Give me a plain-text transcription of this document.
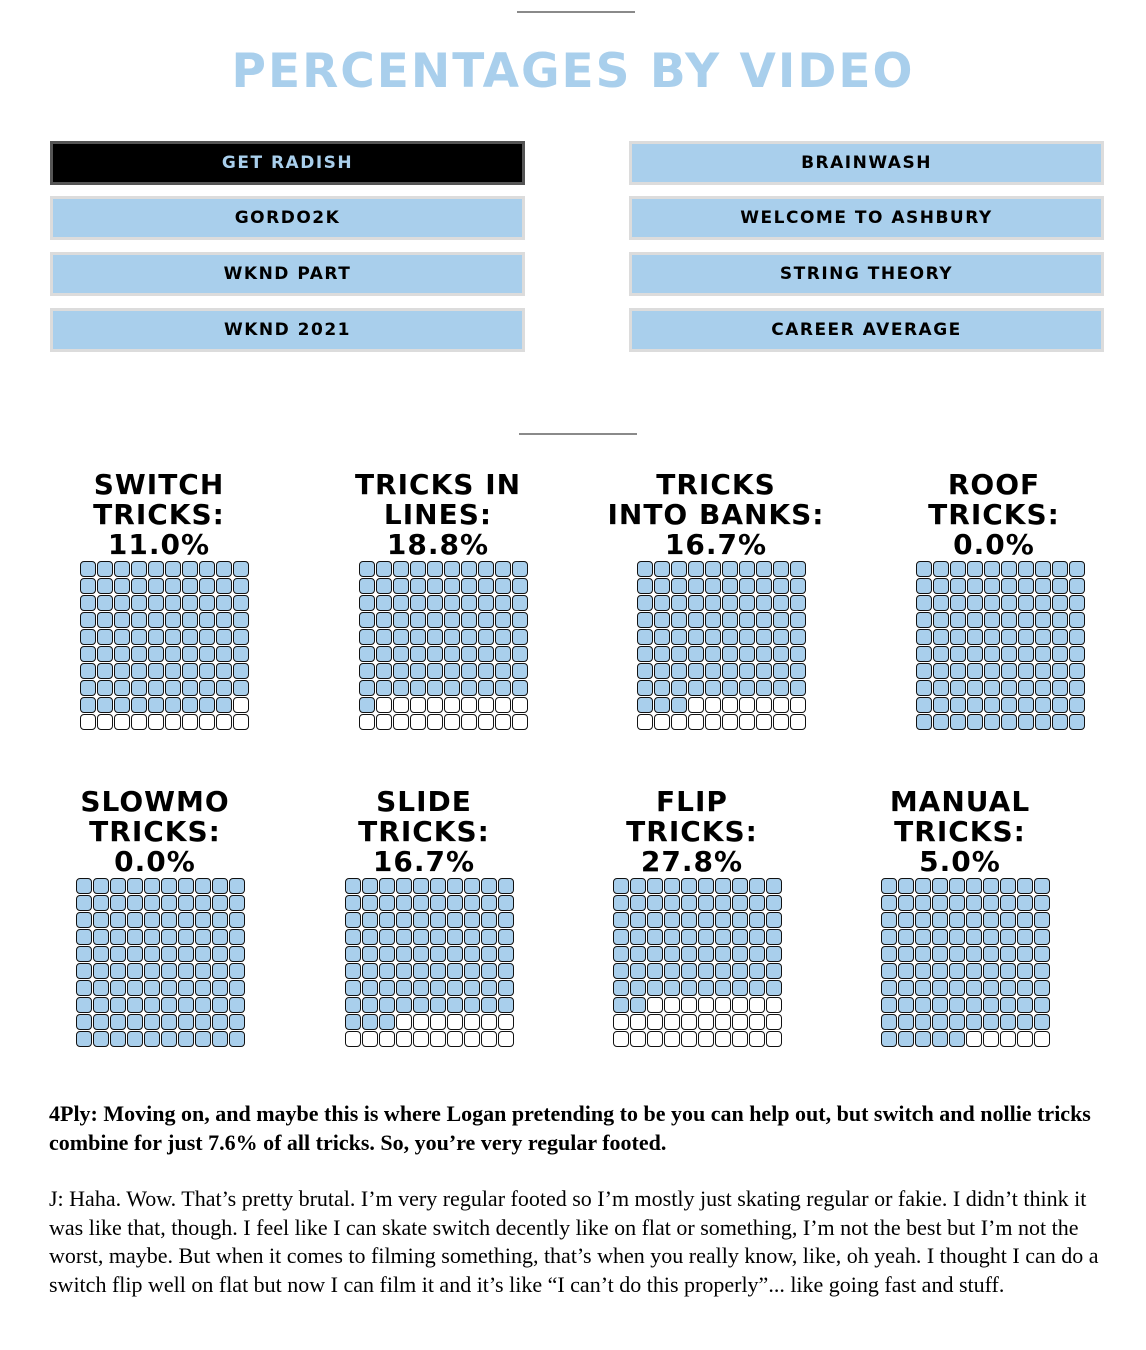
PERCENTAGES BY VIDEO
GET RADISH	BRAINWASH
GORDO2K	WELCOME TO ASHBURY
WKND PART	STRING THEORY
WKND 2021	CAREER AVERAGE
SWITCH
TRICKS:
11.0%
TRICKS IN
LINES:
18.8%
TRICKS
INTO BANKS:
16.7%
ROOF
TRICKS:
0.0%
SLOWMO
TRICKS:
0.0%
SLIDE
TRICKS:
16.7%
FLIP
TRICKS:
27.8%
MANUAL
TRICKS:
5.0%

4Ply: Moving on, and maybe this is where Logan pretending to be you can help out, but switch and nollie tricks combine for just 7.6% of all tricks. So, you’re very regular footed.

J: Haha. Wow. That’s pretty brutal. I’m very regular footed so I’m mostly just skating regular or fakie. I didn’t think it was like that, though. I feel like I can skate switch decently like on flat or something, I’m not the best but I’m not the worst, maybe. But when it comes to filming something, that’s when you really know, like, oh yeah. I thought I can do a switch flip well on flat but now I can film it and it’s like “I can’t do this properly”... like going fast and stuff.
